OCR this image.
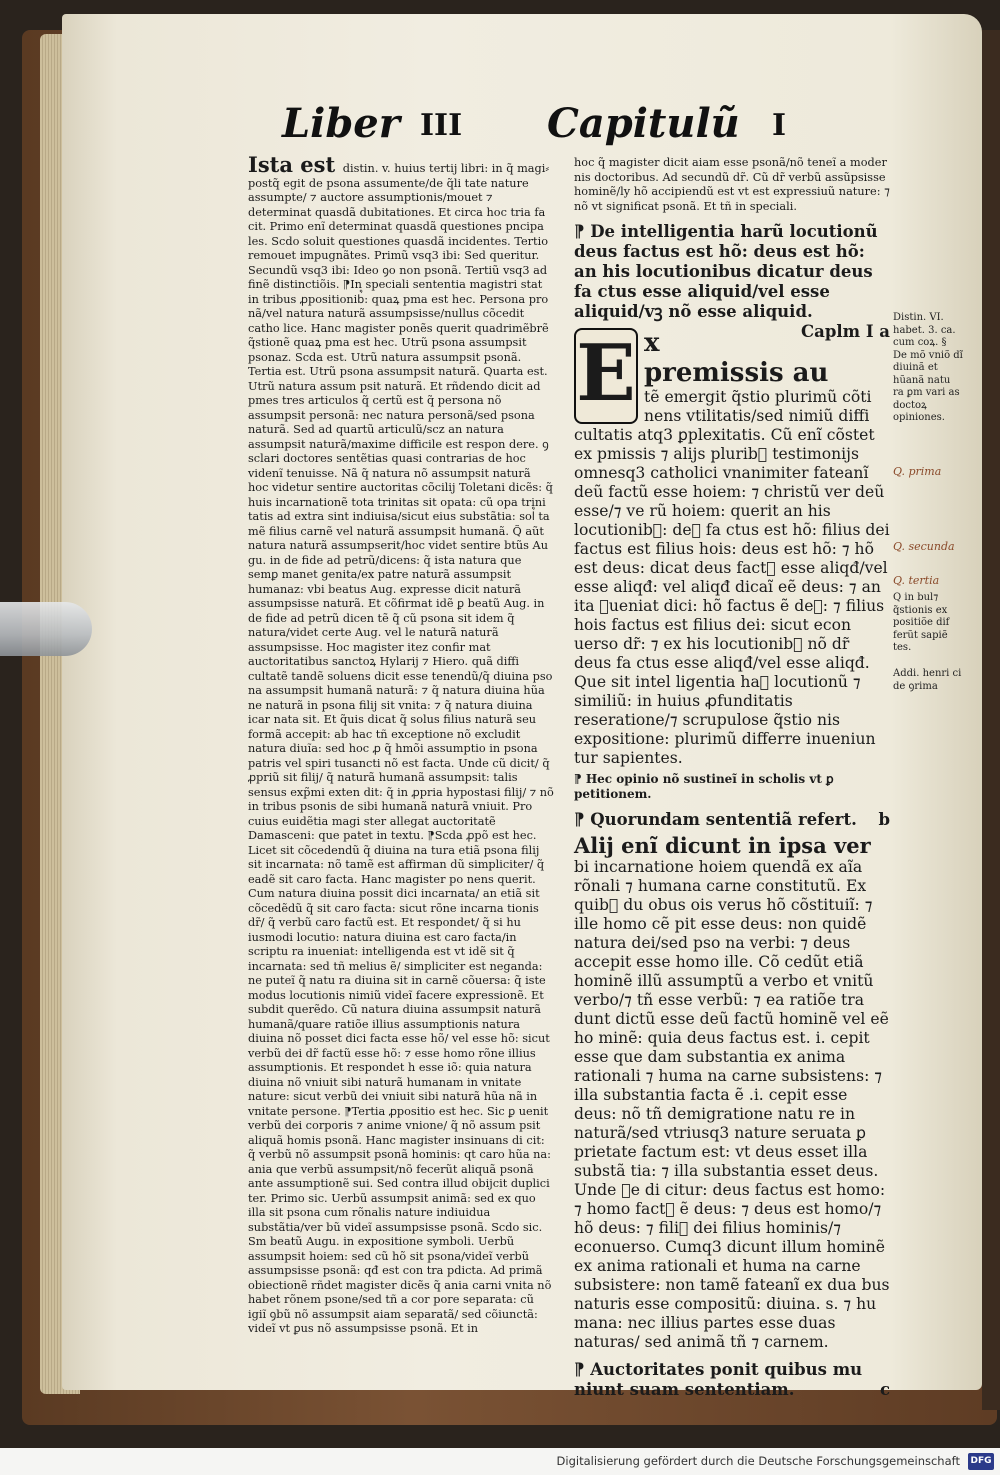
Liber III Capitulũ I
Ista est distin. v. huius tertij libri: in q̃ magi⸗ postq̃ egit de psona assumente/de q̃li tate nature assumpte/ ⁊ auctore assumptionis/mouet ⁊ determinat quasdã dubitationes. Et circa hoc tria fa cit. Primo enĩ determinat quasdã questiones pncipa les. Scdo soluit questiones quasdã incidentes. Tertio remouet impugnãtes. Primũ vsq3 ibi: Sed queritur. Secundũ vsq3 ibi: Ideo ꝯo non psonã. Tertiũ vsq3 ad finẽ distinctiõis. ⁋In speciali sententia magistri stat in tribus ꝓpositionib᷒: quaꝝ pma est hec. Persona pro nã/vel natura naturã assumpsisse/nullus cõcedit catho lice. Hanc magister ponẽs querit quadrimẽbrẽ q̃stionẽ quaꝝ pma est hec. Utrũ psona assumpsit psonaz. Scda est. Utrũ natura assumpsit psonã. Tertia est. Utrũ psona assumpsit naturã. Quarta est. Utrũ natura assum psit naturã. Et rñdendo dicit ad pmes tres articulos q̃ certũ est q̃ persona nõ assumpsit personã: nec natura personã/sed psona naturã. Sed ad quartũ articulũ/scz an natura assumpsit naturã/maxime difficile est respon dere. ꝯ sclari doctores sentẽtias quasi contrarias de hoc videnĩ tenuisse. Nã q̃ natura nõ assumpsit naturã hoc videtur sentire auctoritas cõcilij Toletani dicẽs: q̃ huis incarnationẽ tota trinitas sit opata: cũ opa trini tatis ad extra sint indiuisa/sicut eius substãtia: sol᷒ ta mẽ filius carnẽ vel naturã assumpsit humanã. Q̃ aũt natura naturã assumpserit/hoc videt sentire btũs Au gu. in de fide ad petrũ/dicens: q̃ ista natura que semꝑ manet genita/ex patre naturã assumpsit humanaz: vbi beatus Aug. expresse dicit naturã assumpsisse naturã. Et cõfirmat idẽ ꝑ beatũ Aug. in de fide ad petrũ dicen tẽ q̃ cũ psona sit idem q̃ natura/videt certe Aug. vel le naturã naturã assumpsisse. Hoc magister itez confir mat auctoritatibus sanctoꝝ Hylarij ⁊ Hiero. quã diffi cultatẽ tandẽ soluens dicit esse tenendũ/q̃ diuina pso na assumpsit humanã naturã: ⁊ q̃ natura diuina hũa ne naturã in psona filij sit vnita: ⁊ q̃ natura diuina icar nata sit. Et q̃uis dicat q̃ solus filius naturã seu formã accepit: ab hac tñ exceptione nõ excludit natura diuĩa: sed hoc ꝓ q̃ hmõi assumptio in psona patris vel spiri tusancti nõ est facta. Unde cũ dicit/ q̃ ꝓpriũ sit filij/ q̃ naturã humanã assumpsit: talis sensus exp̃mi exten dit: q̃ in ꝓpria hypostasi filij/ ⁊ nõ in tribus psonis de sibi humanã naturã vniuit. Pro cuius euidẽtia magi ster allegat auctoritatẽ Damasceni: que patet in textu. ⁋Scda ꝓpõ est hec. Licet sit cõcedendũ q̃ diuina na tura etiã psona filij sit incarnata: nõ tamẽ est affirman dũ simpliciter/ q̃ eadẽ sit caro facta. Hanc magister po nens querit. Cum natura diuina possit dici incarnata/ an etiã sit cõcedẽdũ q̃ sit caro facta: sicut rõne incarna tionis dr̃/ q̃ verbũ caro factũ est. Et respondet/ q̃ si hu iusmodi locutio: natura diuina est caro facta/in scriptu ra inueniat: intelligenda est vt idẽ sit q̃ incarnata: sed tñ melius ẽ/ simpliciter est neganda: ne puteĩ q̃ natu ra diuina sit in carnẽ cõuersa: q̃ iste modus locutionis nimiũ videĩ facere expressionẽ. Et subdit querẽdo. Cũ natura diuina assumpsit naturã humanã/quare ratiõe illius assumptionis natura diuina nõ posset dici facta esse hõ/ vel esse hõ: sicut verbũ dei dr̃ factũ esse hõ: ⁊ esse homo rõne illius assumptionis. Et respondet h esse iõ: quia natura diuina nõ vniuit sibi naturã humanam in vnitate nature: sicut verbũ dei vniuit sibi naturã hũa nã in vnitate persone. ⁋Tertia ꝓpositio est hec. Sic ꝑ uenit verbũ dei corporis ⁊ anime vnione/ q̃ nõ assum psit aliquã homis psonã. Hanc magister insinuans di cit: q̃ verbũ nõ assumpsit psonã hominis: qt caro hũa na: ania que verbũ assumpsit/nõ fecerũt aliquã psonã ante assumptionẽ sui. Sed contra illud obijcit duplici ter. Primo sic. Uerbũ assumpsit animã: sed ex quo illa sit psona cum rõnalis nature indiuidua substãtia/ver bũ videĩ assumpsisse psonã. Scdo sic. Sm beatũ Augu. in expositione symboli. Uerbũ assumpsit hoiem: sed cũ hõ sit psona/videĩ verbũ assumpsisse psonã: qđ est con tra pdicta. Ad primã obiectionẽ rñdet magister dicẽs q̃ ania carni vnita nõ habet rõnem psone/sed tñ a cor pore separata: cũ igiĩ ꝯbũ nõ assumpsit aiam separatã/ sed cõiunctã: videĩ vt ꝑus nõ assumpsisse psonã. Et in
hoc q̃ magister dicit aiam esse psonã/nõ teneĩ a moder nis doctoribus. Ad secundũ dr̃. Cũ dr̃ verbũ assũpsisse hominẽ/ly hõ accipiendũ est vt est expressiuũ nature: ⁊ nõ vt significat psonã. Et tñ in speciali.
⁋ De intelligentia harũ locutionũ deus factus est hõ: deus est hõ: an his locutionibus dicatur deus fa ctus esse aliquid/vel esse aliquid/vꝫ nõ esse aliquid.
Caplm I a
E x premissis au
tẽ emergit q̃stio plurimũ cõti nens vtilitatis/sed nimiũ diffi cultatis atq3 ꝑplexitatis. Cũ enĩ cõstet ex pmissis ⁊ alijs plurib᷒ testimonijs omnesq3 catholici vnanimiter fateanĩ deũ factũ esse hoiem: ⁊ christũ ver deũ esse/⁊ ve rũ hoiem: querit an his locutionib᷒: de᷒ fa ctus est hõ: filius dei factus est filius hois: deus est hõ: ⁊ hõ est deus: dicat deus fact᷒ esse aliqđ/vel esse aliqđ: vel aliqđ dicaĩ eẽ deus: ⁊ an ita ꝯueniat dici: hõ factus ẽ de᷒: ⁊ filius hois factus est filius dei: sicut econ uerso dr̃: ⁊ ex his locutionib᷒ nõ dr̃ deus fa ctus esse aliqđ/vel esse aliqđ. Que sit intel ligentia haꝝ locutionũ ⁊ similiũ: in huius ꝓfunditatis reseratione/⁊ scrupulose q̃stio nis expositione: plurimũ differre inueniun tur sapientes.
⁋ Hec opinio nõ sustineĩ in scholis vt ꝑ petitionem.
⁋ Quorundam sententiã refert. b
Alij enĩ dicunt in ipsa ver
bi incarnatione hoiem quendã ex aĩa rõnali ⁊ humana carne constitutũ. Ex quib᷒ du obus ois verus hõ cõstituiĩ: ⁊ ille homo cẽ pit esse deus: non quidẽ natura dei/sed pso na verbi: ⁊ deus accepit esse homo ille. Cõ cedũt etiã hominẽ illũ assumptũ a verbo et vnitũ verbo/⁊ tñ esse verbũ: ⁊ ea ratiõe tra dunt dictũ esse deũ factũ hominẽ vel eẽ ho minẽ: quia deus factus est. i. cepit esse que dam substantia ex anima rationali ⁊ huma na carne subsistens: ⁊ illa substantia facta ẽ .i. cepit esse deus: nõ tñ demigratione natu re in naturã/sed vtriusq3 nature seruata ꝑ prietate factum est: vt deus esset illa substã tia: ⁊ illa substantia esset deus. Unde ꝯe di citur: deus factus est homo: ⁊ homo fact᷒ ẽ deus: ⁊ deus est homo/⁊ hõ deus: ⁊ fili᷒ dei filius hominis/⁊ econuerso. Cumq3 dicunt illum hominẽ ex anima rationali et huma na carne subsistere: non tamẽ fateanĩ ex dua bus naturis esse compositũ: diuina. s. ⁊ hu mana: nec illius partes esse duas naturas/ sed animã tñ ⁊ carnem.
⁋ Auctoritates ponit quibus mu niunt suam sententiam.	c
Distin. VI. habet. 3. ca. cum coꝝ. § De mõ vniõ dĩ diuinã et hũanã natu ra ꝑm vari as doctoꝝ opiniones.
Q in bul⁊ q̃stionis ex positiõe dif ferũt sapiẽ tes.
Addi. henri ci de ꝯrima
Q. prima
Q. secunda
Q. tertia
Digitalisierung gefördert durch die Deutsche Forschungsgemeinschaft DFG
